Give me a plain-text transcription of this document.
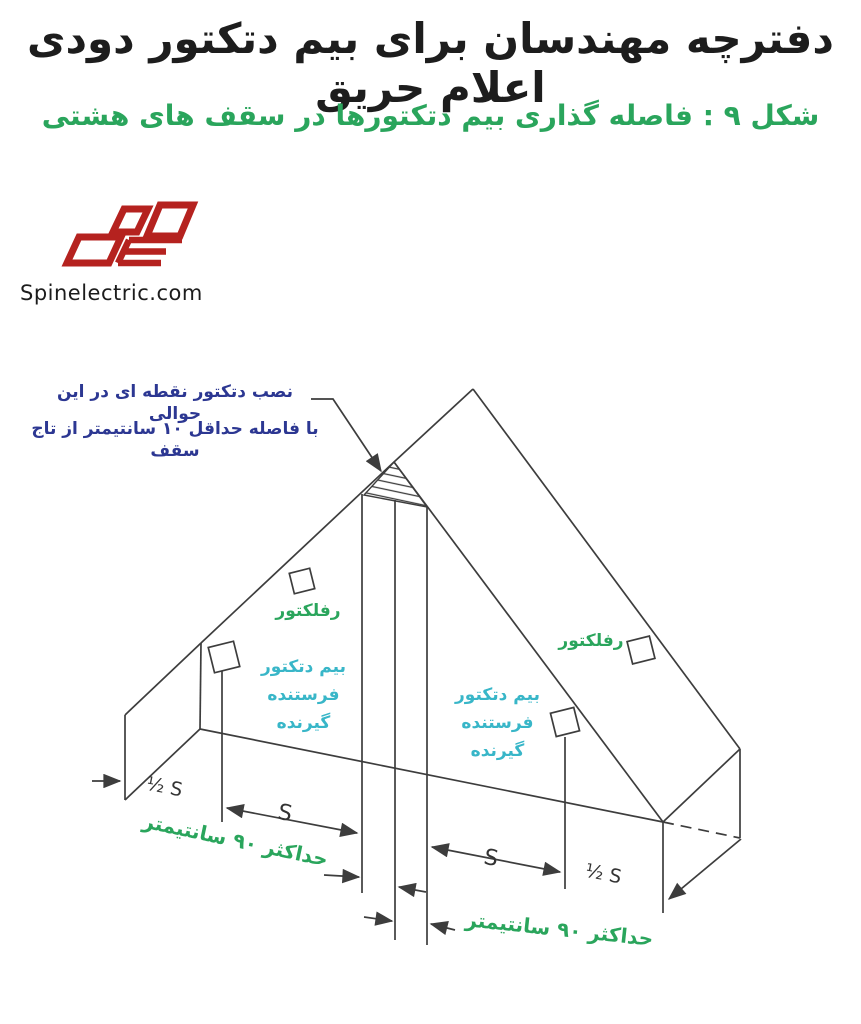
دفترچه مهندسان برای بیم دتکتور دودی اعلام حریق
شکل ۹ : فاصله گذاری بیم دتکتورها در سقف های هشتی
Spinelectric.com
نصب دتکتور نقطه ای در این حوالی
با فاصله حداقل ۱۰ سانتیمتر از تاج سقف
رفلکتور
رفلکتور
بیم دتکتور
فرستنده
گیرنده
بیم دتکتور
فرستنده
گیرنده
½ S
S
S
½ S
حداکثر ۹۰ سانتیمتر
حداکثر ۹۰ سانتیمتر
